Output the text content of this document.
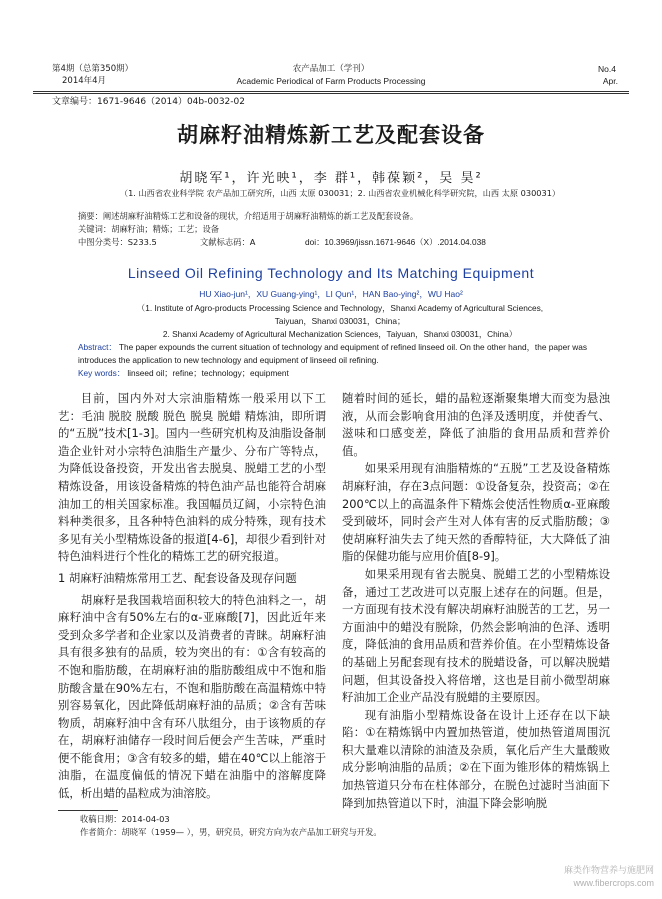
第4期（总第350期）
2014年4月
农产品加工（学刊）
Academic Periodical of Farm Products Processing
No.4
Apr.
文章编号：1671-9646（2014）04b-0032-02
胡麻籽油精炼新工艺及配套设备
胡晓军¹，许光映¹，李 群¹，韩葆颖²，吴 昊²
（1. 山西省农业科学院 农产品加工研究所，山西 太原 030031；2. 山西省农业机械化科学研究院，山西 太原 030031）
摘要：阐述胡麻籽油精炼工艺和设备的现状，介绍适用于胡麻籽油精炼的新工艺及配套设备。
关键词：胡麻籽油；精炼；工艺；设备
中图分类号：S233.5	文献标志码：A	doi：10.3969/jissn.1671-9646（X）.2014.04.038
Linseed Oil Refining Technology and Its Matching Equipment
HU Xiao-jun¹，XU Guang-ying¹，LI Qun¹，HAN Bao-ying²，WU Hao²
（1. Institute of Agro-products Processing Science and Technology，Shanxi Academy of Agricultural Sciences,
Taiyuan，Shanxi 030031，China；
2. Shanxi Academy of Agricultural Mechanization Sciences，Taiyuan，Shanxi 030031，China）
Abstract： The paper expounds the current situation of technology and equipment of refined linseed oil. On the other hand，the paper was introduces the application to new technology and equipment of linseed oil refining.
Key words： linseed oil；refine；technology；equipment

目前，国内外对大宗油脂精炼一般采用以下工艺：毛油 脱胶 脱酸 脱色 脱臭 脱蜡 精炼油，即所谓的“五脱”技术[1-3]。国内一些研究机构及油脂设备制造企业针对小宗特色油脂生产量少、分布广等特点，为降低设备投资，开发出省去脱臭、脱蜡工艺的小型精炼设备，用该设备精炼的特色油产品也能符合胡麻油加工的相关国家标准。我国幅员辽阔，小宗特色油料种类很多，且各种特色油料的成分特殊，现有技术多见有关小型精炼设备的报道[4-6]，却很少看到针对特色油料进行个性化的精炼工艺的研究报道。

1 胡麻籽油精炼常用工艺、配套设备及现存问题

胡麻籽是我国栽培面积较大的特色油料之一，胡麻籽油中含有50%左右的α-亚麻酸[7]，因此近年来受到众多学者和企业家以及消费者的青睐。胡麻籽油具有很多独有的品质，较为突出的有：①含有较高的不饱和脂肪酸，在胡麻籽油的脂肪酸组成中不饱和脂肪酸含量在90%左右，不饱和脂肪酸在高温精炼中特别容易氧化，因此降低胡麻籽油的品质；②含有苦味物质，胡麻籽油中含有环八肽组分，由于该物质的存在，胡麻籽油储存一段时间后便会产生苦味，严重时便不能食用；③含有较多的蜡，蜡在40℃以上能溶于油脂，在温度偏低的情况下蜡在油脂中的溶解度降低，析出蜡的晶粒成为油溶胶。

随着时间的延长，蜡的晶粒逐渐聚集增大而变为悬浊液，从而会影响食用油的色泽及透明度，并使香气、滋味和口感变差，降低了油脂的食用品质和营养价值。

如果采用现有油脂精炼的“五脱”工艺及设备精炼胡麻籽油，存在3点问题：①设备复杂，投资高；②在200℃以上的高温条件下精炼会使活性物质α-亚麻酸受到破坏，同时会产生对人体有害的反式脂肪酸；③使胡麻籽油失去了纯天然的香醇特征，大大降低了油脂的保健功能与应用价值[8-9]。

如果采用现有省去脱臭、脱蜡工艺的小型精炼设备，通过工艺改进可以克服上述存在的问题。但是，一方面现有技术没有解决胡麻籽油脱苦的工艺，另一方面油中的蜡没有脱除，仍然会影响油的色泽、透明度，降低油的食用品质和营养价值。在小型精炼设备的基础上另配套现有技术的脱蜡设备，可以解决脱蜡问题，但其设备投入将倍增，这也是目前小微型胡麻籽油加工企业产品没有脱蜡的主要原因。

现有油脂小型精炼设备在设计上还存在以下缺陷：①在精炼锅中内置加热管道，使加热管道周围沉积大量难以清除的油渣及杂质，氧化后产生大量酸败成分影响油脂的品质；②在下面为锥形体的精炼锅上加热管道只分布在柱体部分，在脱色过滤时当油面下降到加热管道以下时，油温下降会影响脱

收稿日期：2014-04-03
作者简介：胡晓军（1959— ），男，研究员，研究方向为农产品加工研究与开发。
麻类作物营养与施肥网
www.fibercrops.com
